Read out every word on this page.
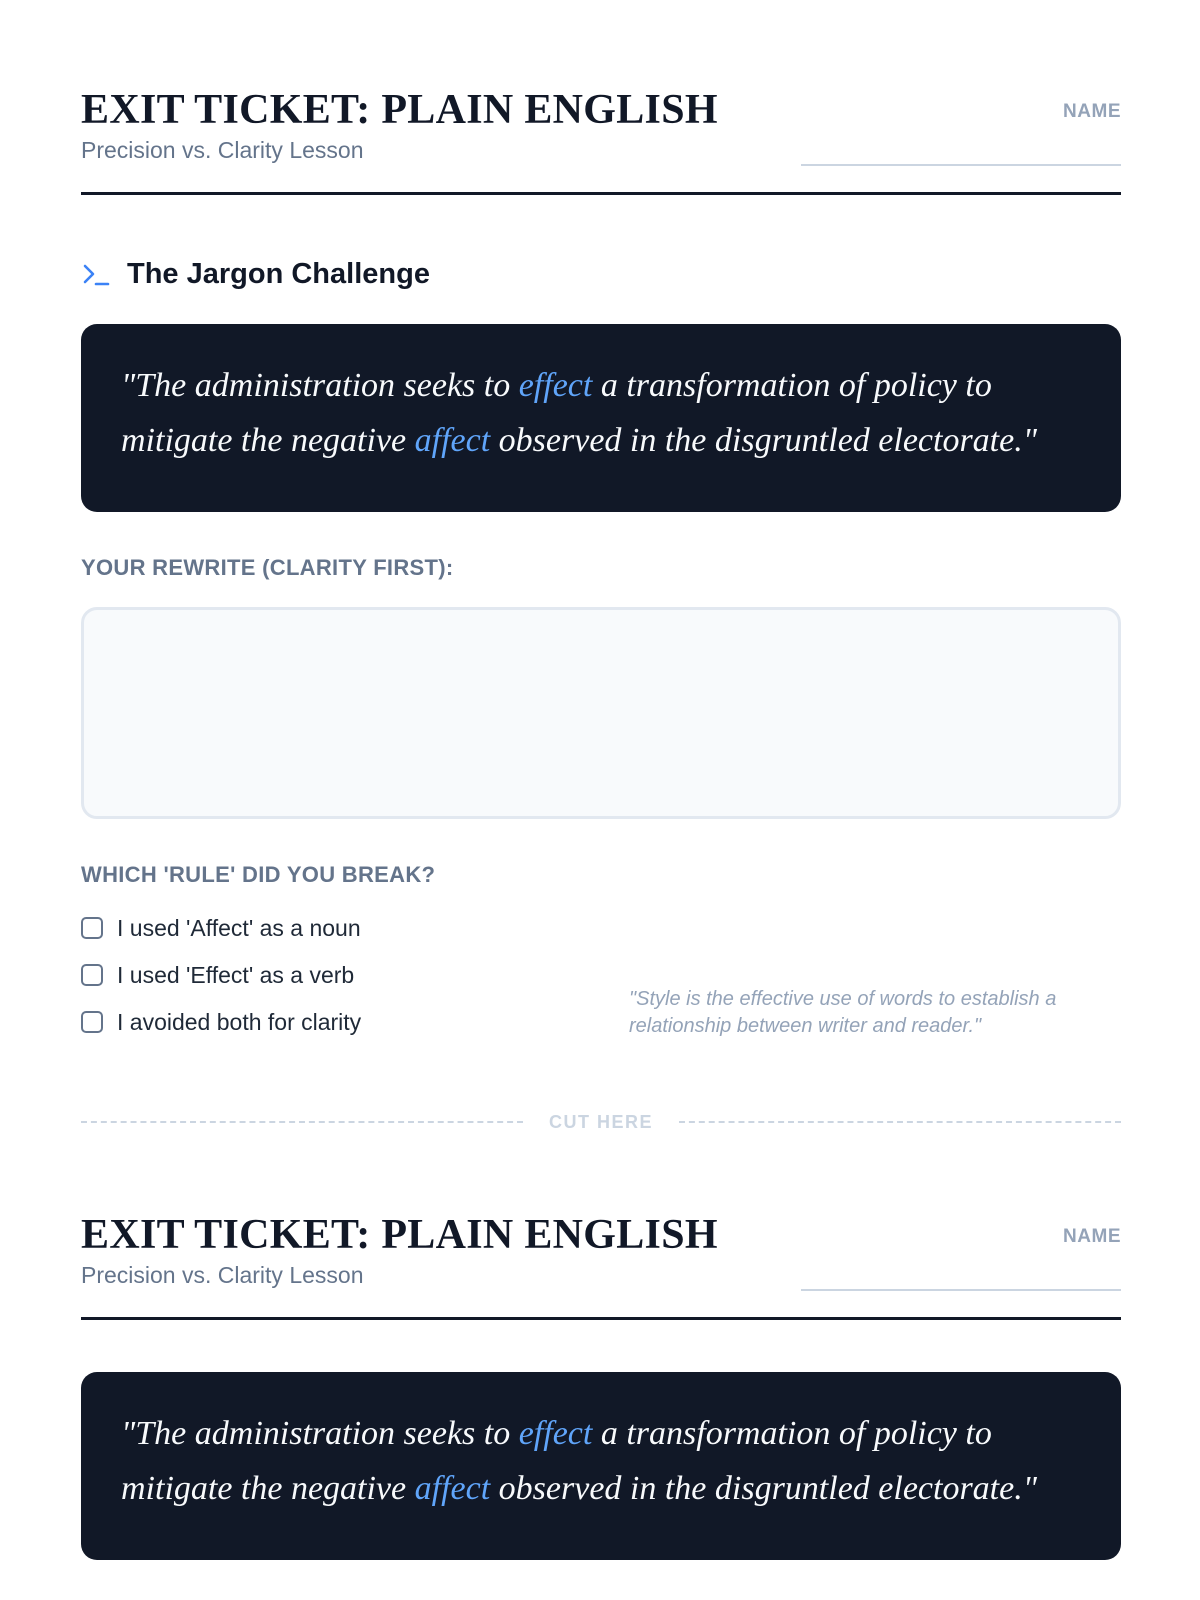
EXIT TICKET: PLAIN ENGLISH
Precision vs. Clarity Lesson
NAME
The Jargon Challenge

"The administration seeks to effect a transformation of policy to mitigate the negative affect observed in the disgruntled electorate."

YOUR REWRITE (CLARITY FIRST):
WHICH 'RULE' DID YOU BREAK?
I used 'Affect' as a noun
I used 'Effect' as a verb
I avoided both for clarity
"Style is the effective use of words to establish a relationship between writer and reader."
CUT HERE
EXIT TICKET: PLAIN ENGLISH
Precision vs. Clarity Lesson
NAME

"The administration seeks to effect a transformation of policy to mitigate the negative affect observed in the disgruntled electorate."
